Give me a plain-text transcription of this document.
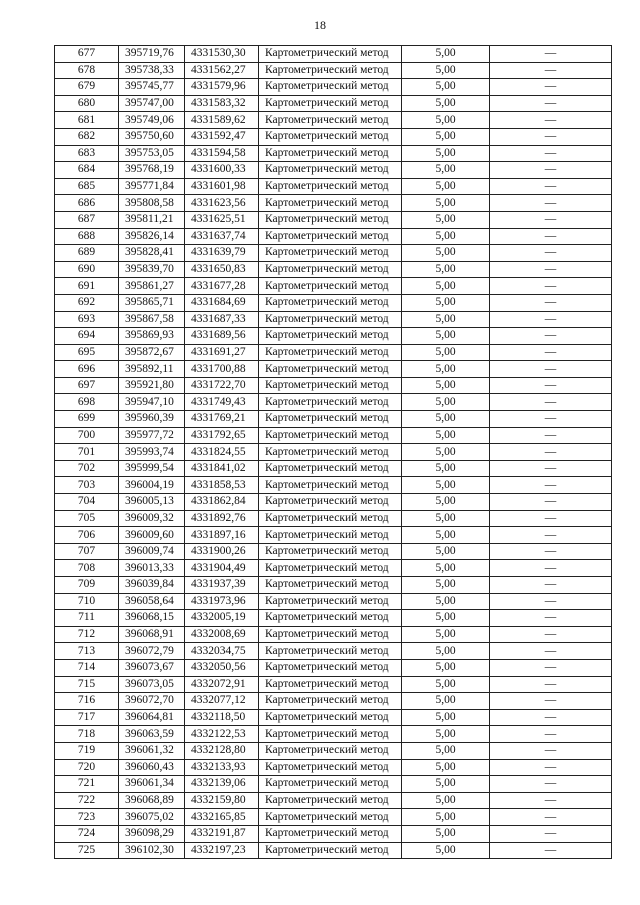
18
677	395719,76	4331530,30	Картометрический метод	5,00	—
678	395738,33	4331562,27	Картометрический метод	5,00	—
679	395745,77	4331579,96	Картометрический метод	5,00	—
680	395747,00	4331583,32	Картометрический метод	5,00	—
681	395749,06	4331589,62	Картометрический метод	5,00	—
682	395750,60	4331592,47	Картометрический метод	5,00	—
683	395753,05	4331594,58	Картометрический метод	5,00	—
684	395768,19	4331600,33	Картометрический метод	5,00	—
685	395771,84	4331601,98	Картометрический метод	5,00	—
686	395808,58	4331623,56	Картометрический метод	5,00	—
687	395811,21	4331625,51	Картометрический метод	5,00	—
688	395826,14	4331637,74	Картометрический метод	5,00	—
689	395828,41	4331639,79	Картометрический метод	5,00	—
690	395839,70	4331650,83	Картометрический метод	5,00	—
691	395861,27	4331677,28	Картометрический метод	5,00	—
692	395865,71	4331684,69	Картометрический метод	5,00	—
693	395867,58	4331687,33	Картометрический метод	5,00	—
694	395869,93	4331689,56	Картометрический метод	5,00	—
695	395872,67	4331691,27	Картометрический метод	5,00	—
696	395892,11	4331700,88	Картометрический метод	5,00	—
697	395921,80	4331722,70	Картометрический метод	5,00	—
698	395947,10	4331749,43	Картометрический метод	5,00	—
699	395960,39	4331769,21	Картометрический метод	5,00	—
700	395977,72	4331792,65	Картометрический метод	5,00	—
701	395993,74	4331824,55	Картометрический метод	5,00	—
702	395999,54	4331841,02	Картометрический метод	5,00	—
703	396004,19	4331858,53	Картометрический метод	5,00	—
704	396005,13	4331862,84	Картометрический метод	5,00	—
705	396009,32	4331892,76	Картометрический метод	5,00	—
706	396009,60	4331897,16	Картометрический метод	5,00	—
707	396009,74	4331900,26	Картометрический метод	5,00	—
708	396013,33	4331904,49	Картометрический метод	5,00	—
709	396039,84	4331937,39	Картометрический метод	5,00	—
710	396058,64	4331973,96	Картометрический метод	5,00	—
711	396068,15	4332005,19	Картометрический метод	5,00	—
712	396068,91	4332008,69	Картометрический метод	5,00	—
713	396072,79	4332034,75	Картометрический метод	5,00	—
714	396073,67	4332050,56	Картометрический метод	5,00	—
715	396073,05	4332072,91	Картометрический метод	5,00	—
716	396072,70	4332077,12	Картометрический метод	5,00	—
717	396064,81	4332118,50	Картометрический метод	5,00	—
718	396063,59	4332122,53	Картометрический метод	5,00	—
719	396061,32	4332128,80	Картометрический метод	5,00	—
720	396060,43	4332133,93	Картометрический метод	5,00	—
721	396061,34	4332139,06	Картометрический метод	5,00	—
722	396068,89	4332159,80	Картометрический метод	5,00	—
723	396075,02	4332165,85	Картометрический метод	5,00	—
724	396098,29	4332191,87	Картометрический метод	5,00	—
725	396102,30	4332197,23	Картометрический метод	5,00	—
